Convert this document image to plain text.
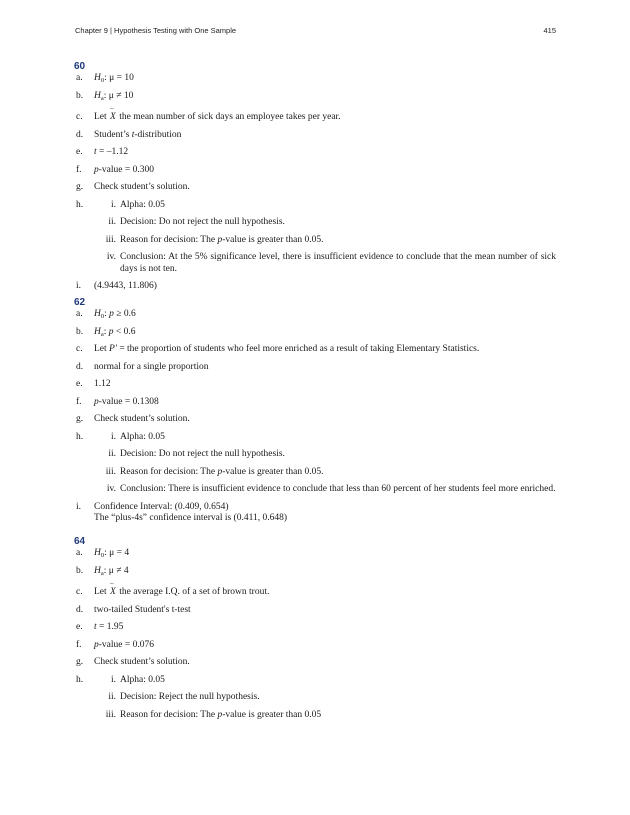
Chapter 9 | Hypothesis Testing with One Sample	415
60
a. $H_0$: μ = 10
b. $H_a$: μ ≠ 10
c. Let – X the mean number of sick days an employee takes per year.
d. Student’s t-distribution
e. t = –1.12
f. p-value = 0.300
g. Check student’s solution.
h.	i. Alpha: 0.05
ii. Decision: Do not reject the null hypothesis.
iii. Reason for decision: The p-value is greater than 0.05.
iv. Conclusion: At the 5% significance level, there is insufficient evidence to conclude that the mean number of sick days is not ten.
i. (4.9443, 11.806)
62
a. $H_0$: p ≥ 0.6
b. $H_a$: p < 0.6
c. Let P′ = the proportion of students who feel more enriched as a result of taking Elementary Statistics.
d. normal for a single proportion
e. 1.12
f. p-value = 0.1308
g. Check student’s solution.
h.	i. Alpha: 0.05
ii. Decision: Do not reject the null hypothesis.
iii. Reason for decision: The p-value is greater than 0.05.
iv. Conclusion: There is insufficient evidence to conclude that less than 60 percent of her students feel more enriched.
i. Confidence Interval: (0.409, 0.654)
The “plus-4s” confidence interval is (0.411, 0.648)
64
a. $H_0$: μ = 4
b. $H_a$: μ ≠ 4
c. Let – X the average I.Q. of a set of brown trout.
d. two-tailed Student's t-test
e. t = 1.95
f. p-value = 0.076
g. Check student’s solution.
h.	i. Alpha: 0.05
ii. Decision: Reject the null hypothesis.
iii. Reason for decision: The p-value is greater than 0.05
